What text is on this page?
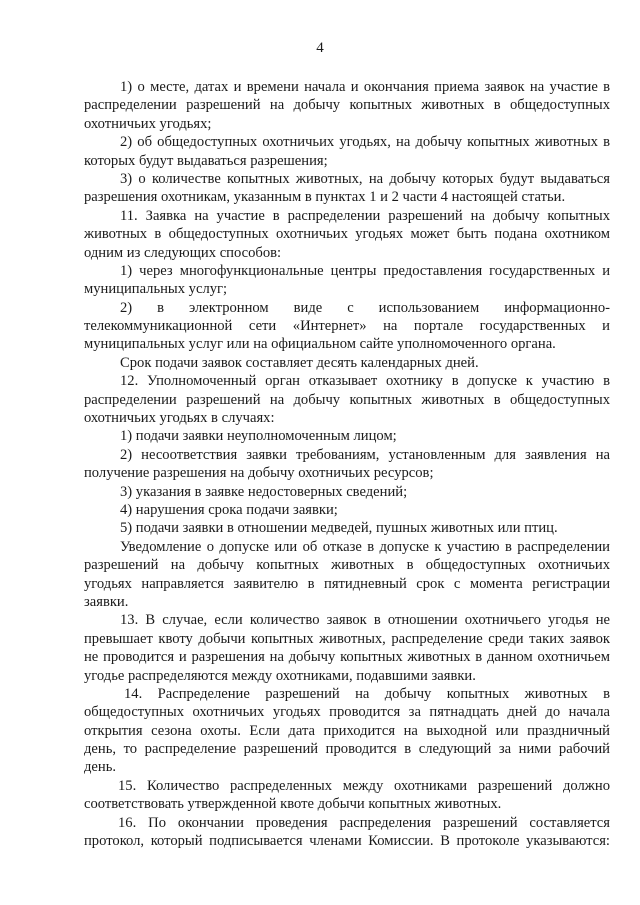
4
1) о месте, датах и времени начала и окончания приема заявок на участие в
распределении разрешений на добычу копытных животных в общедоступных
охотничьих угодьях;
2) об общедоступных охотничьих угодьях, на добычу копытных животных в
которых будут выдаваться разрешения;
3) о количестве копытных животных, на добычу которых будут выдаваться
разрешения охотникам, указанным в пунктах 1 и 2 части 4 настоящей статьи.
11. Заявка на участие в распределении разрешений на добычу копытных
животных в общедоступных охотничьих угодьях может быть подана охотником
одним из следующих способов:
1) через многофункциональные центры предоставления государственных и
муниципальных услуг;
2) в электронном виде с использованием информационно-
телекоммуникационной сети «Интернет» на портале государственных и
муниципальных услуг или на официальном сайте уполномоченного органа.
Срок подачи заявок составляет десять календарных дней.
12. Уполномоченный орган отказывает охотнику в допуске к участию в
распределении разрешений на добычу копытных животных в общедоступных
охотничьих угодьях в случаях:
1) подачи заявки неуполномоченным лицом;
2) несоответствия заявки требованиям, установленным для заявления на
получение разрешения на добычу охотничьих ресурсов;
3) указания в заявке недостоверных сведений;
4) нарушения срока подачи заявки;
5) подачи заявки в отношении медведей, пушных животных или птиц.
Уведомление о допуске или об отказе в допуске к участию в распределении
разрешений на добычу копытных животных в общедоступных охотничьих
угодьях направляется заявителю в пятидневный срок с момента регистрации
заявки.
13. В случае, если количество заявок в отношении охотничьего угодья не
превышает квоту добычи копытных животных, распределение среди таких заявок
не проводится и разрешения на добычу копытных животных в данном охотничьем
угодье распределяются между охотниками, подавшими заявки.
14. Распределение разрешений на добычу копытных животных в
общедоступных охотничьих угодьях проводится за пятнадцать дней до начала
открытия сезона охоты. Если дата приходится на выходной или праздничный
день, то распределение разрешений проводится в следующий за ними рабочий
день.
15. Количество распределенных между охотниками разрешений должно
соответствовать утвержденной квоте добычи копытных животных.
16. По окончании проведения распределения разрешений составляется
протокол, который подписывается членами Комиссии. В протоколе указываются:
